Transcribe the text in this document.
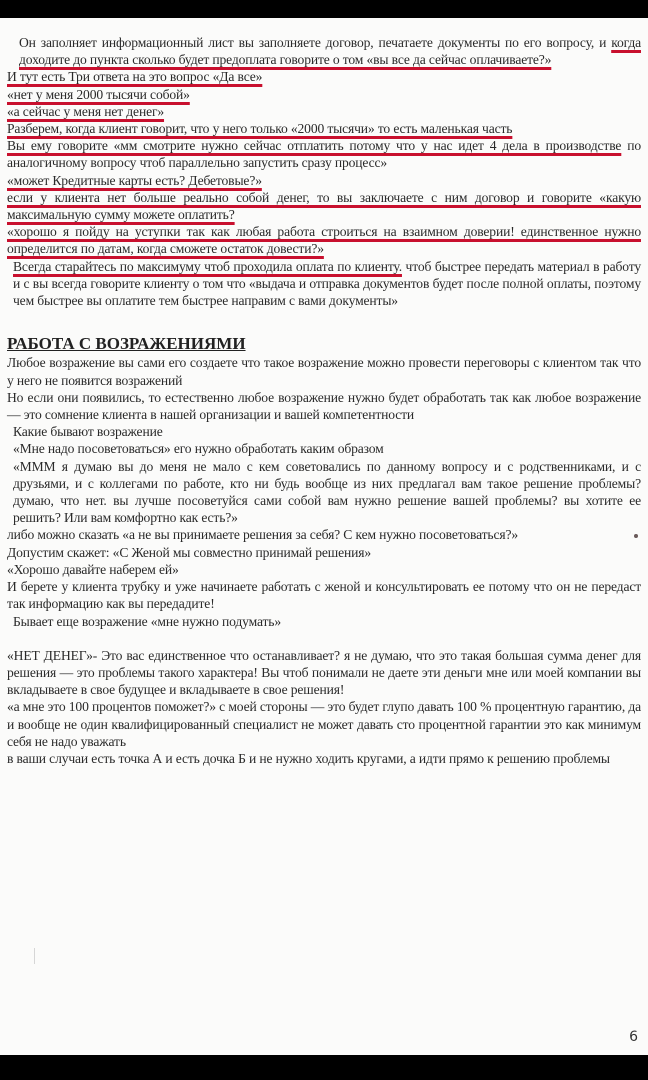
Он заполняет информационный лист вы заполняете договор, печатаете документы по его вопросу, и когда доходите до пункта сколько будет предоплата говорите о том «вы все да сейчас оплачиваете?»

И тут есть Три ответа на это вопрос «Да все»

«нет у меня 2000 тысячи собой»

«а сейчас у меня нет денег»

Разберем, когда клиент говорит, что у него только «2000 тысячи» то есть маленькая часть

Вы ему говорите «мм смотрите нужно сейчас отплатить потому что у нас идет 4 дела в производстве по аналогичному вопросу чтоб параллельно запустить сразу процесс»

«может Кредитные карты есть? Дебетовые?»

если у клиента нет больше реально собой денег, то вы заключаете с ним договор и говорите «какую максимальную сумму можете оплатить?

«хорошо я пойду на уступки так как любая работа строиться на взаимном доверии! единственное нужно определится по датам, когда сможете остаток довести?»

Всегда старайтесь по максимуму чтоб проходила оплата по клиенту. чтоб быстрее передать материал в работу и с вы всегда говорите клиенту о том что «выдача и отправка документов будет после полной оплаты, поэтому чем быстрее вы оплатите тем быстрее направим с вами документы»

РАБОТА С ВОЗРАЖЕНИЯМИ

Любое возражение вы сами его создаете что такое возражение можно провести переговоры с клиентом так что у него не появится возражений

Но если они появились, то естественно любое возражение нужно будет обработать так как любое возражение — это сомнение клиента в нашей организации и вашей компетентности

Какие бывают возражение

«Мне надо посоветоваться» его нужно обработать каким образом

«МММ я думаю вы до меня не мало с кем советовались по данному вопросу и с родственниками, и с друзьями, и с коллегами по работе, кто ни будь вообще из них предлагал вам такое решение проблемы? думаю, что нет. вы лучше посоветуйся сами собой вам нужно решение вашей проблемы? вы хотите ее решить? Или вам комфортно как есть?»

либо можно сказать «а не вы принимаете решения за себя? С кем нужно посоветоваться?»

Допустим скажет: «С Женой мы совместно принимай решения»

«Хорошо давайте наберем ей»

И берете у клиента трубку и уже начинаете работать с женой и консультировать ее потому что он не передаст так информацию как вы передадите!

Бывает еще возражение «мне нужно подумать»

«НЕТ ДЕНЕГ»- Это вас единственное что останавливает? я не думаю, что это такая большая сумма денег для решения — это проблемы такого характера! Вы чтоб понимали не даете эти деньги мне или моей компании вы вкладываете в свое будущее и вкладываете в свое решения!

«а мне это 100 процентов поможет?» с моей стороны — это будет глупо давать 100 % процентную гарантию, да и вообще не один квалифицированный специалист не может давать сто процентной гарантии это как минимум себя не надо уважать

в ваши случаи есть точка А и есть дочка Б и не нужно ходить кругами, а идти прямо к решению проблемы

6
